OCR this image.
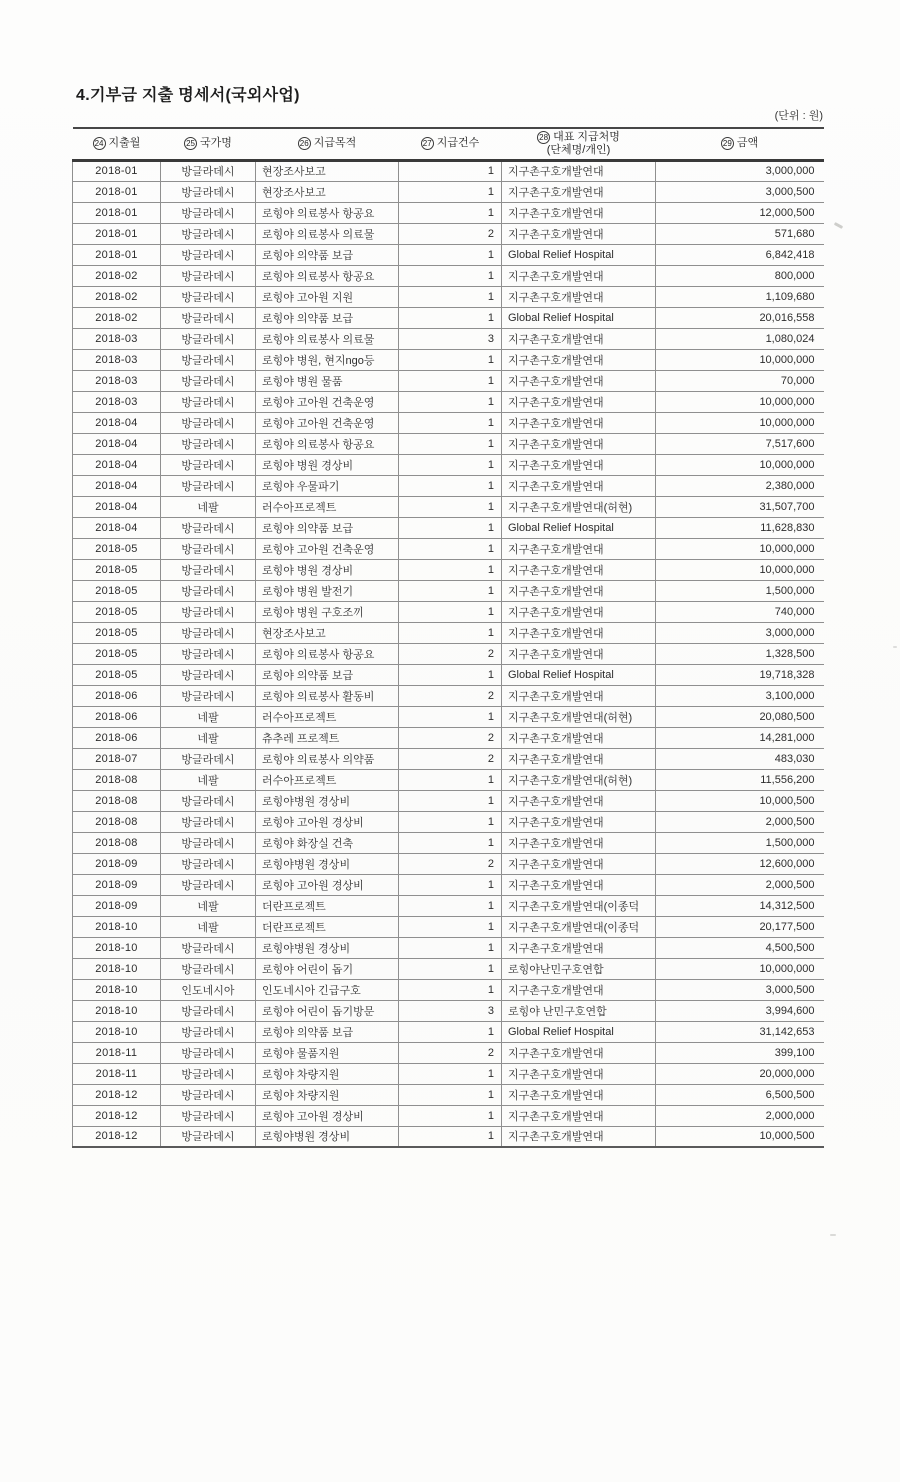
4.기부금 지출 명세서(국외사업)
(단위 : 원)
24 지출월	25 국가명	26 지급목적	27 지급건수	28 대표 지급처명
(단체명/개인)	29 금액
2018-01	방글라데시	현장조사보고	1	지구촌구호개발연대	3,000,000
2018-01	방글라데시	현장조사보고	1	지구촌구호개발연대	3,000,500
2018-01	방글라데시	로힝야 의료봉사 항공요	1	지구촌구호개발연대	12,000,500
2018-01	방글라데시	로힝야 의료봉사 의료물	2	지구촌구호개발연대	571,680
2018-01	방글라데시	로힝야 의약품 보급	1	Global Relief Hospital	6,842,418
2018-02	방글라데시	로힝야 의료봉사 항공요	1	지구촌구호개발연대	800,000
2018-02	방글라데시	로힝야 고아원 지원	1	지구촌구호개발연대	1,109,680
2018-02	방글라데시	로힝야 의약품 보급	1	Global Relief Hospital	20,016,558
2018-03	방글라데시	로힝야 의료봉사 의료물	3	지구촌구호개발연대	1,080,024
2018-03	방글라데시	로힝야 병원, 현지ngo등	1	지구촌구호개발연대	10,000,000
2018-03	방글라데시	로힝야 병원 물품	1	지구촌구호개발연대	70,000
2018-03	방글라데시	로힝야 고아원 건축운영	1	지구촌구호개발연대	10,000,000
2018-04	방글라데시	로힝야 고아원 건축운영	1	지구촌구호개발연대	10,000,000
2018-04	방글라데시	로힝야 의료봉사 항공요	1	지구촌구호개발연대	7,517,600
2018-04	방글라데시	로힝야 병원 경상비	1	지구촌구호개발연대	10,000,000
2018-04	방글라데시	로힝야 우물파기	1	지구촌구호개발연대	2,380,000
2018-04	네팔	러수아프로젝트	1	지구촌구호개발연대(허현)	31,507,700
2018-04	방글라데시	로힝야 의약품 보급	1	Global Relief Hospital	11,628,830
2018-05	방글라데시	로힝야 고아원 건축운영	1	지구촌구호개발연대	10,000,000
2018-05	방글라데시	로힝야 병원 경상비	1	지구촌구호개발연대	10,000,000
2018-05	방글라데시	로힝야 병원 발전기	1	지구촌구호개발연대	1,500,000
2018-05	방글라데시	로힝야 병원 구호조끼	1	지구촌구호개발연대	740,000
2018-05	방글라데시	현장조사보고	1	지구촌구호개발연대	3,000,000
2018-05	방글라데시	로힝야 의료봉사 항공요	2	지구촌구호개발연대	1,328,500
2018-05	방글라데시	로힝야 의약품 보급	1	Global Relief Hospital	19,718,328
2018-06	방글라데시	로힝야 의료봉사 활동비	2	지구촌구호개발연대	3,100,000
2018-06	네팔	러수아프로젝트	1	지구촌구호개발연대(허현)	20,080,500
2018-06	네팔	츄추레 프로젝트	2	지구촌구호개발연대	14,281,000
2018-07	방글라데시	로힝야 의료봉사 의약품	2	지구촌구호개발연대	483,030
2018-08	네팔	러수아프로젝트	1	지구촌구호개발연대(허현)	11,556,200
2018-08	방글라데시	로힝야병원 경상비	1	지구촌구호개발연대	10,000,500
2018-08	방글라데시	로힝야 고아원 경상비	1	지구촌구호개발연대	2,000,500
2018-08	방글라데시	로힝야 화장실 건축	1	지구촌구호개발연대	1,500,000
2018-09	방글라데시	로힝야병원 경상비	2	지구촌구호개발연대	12,600,000
2018-09	방글라데시	로힝야 고아원 경상비	1	지구촌구호개발연대	2,000,500
2018-09	네팔	더란프로젝트	1	지구촌구호개발연대(이종덕	14,312,500
2018-10	네팔	더란프로젝트	1	지구촌구호개발연대(이종덕	20,177,500
2018-10	방글라데시	로힝야병원 경상비	1	지구촌구호개발연대	4,500,500
2018-10	방글라데시	로힝야 어린이 돕기	1	로힝야난민구호연합	10,000,000
2018-10	인도네시아	인도네시아 긴급구호	1	지구촌구호개발연대	3,000,500
2018-10	방글라데시	로힝야 어린이 돕기방문	3	로힝야 난민구호연합	3,994,600
2018-10	방글라데시	로힝야 의약품 보급	1	Global Relief Hospital	31,142,653
2018-11	방글라데시	로힝야 물품지원	2	지구촌구호개발연대	399,100
2018-11	방글라데시	로힝야 차량지원	1	지구촌구호개발연대	20,000,000
2018-12	방글라데시	로힝야 차량지원	1	지구촌구호개발연대	6,500,500
2018-12	방글라데시	로힝야 고아원 경상비	1	지구촌구호개발연대	2,000,000
2018-12	방글라데시	로힝야병원 경상비	1	지구촌구호개발연대	10,000,500
